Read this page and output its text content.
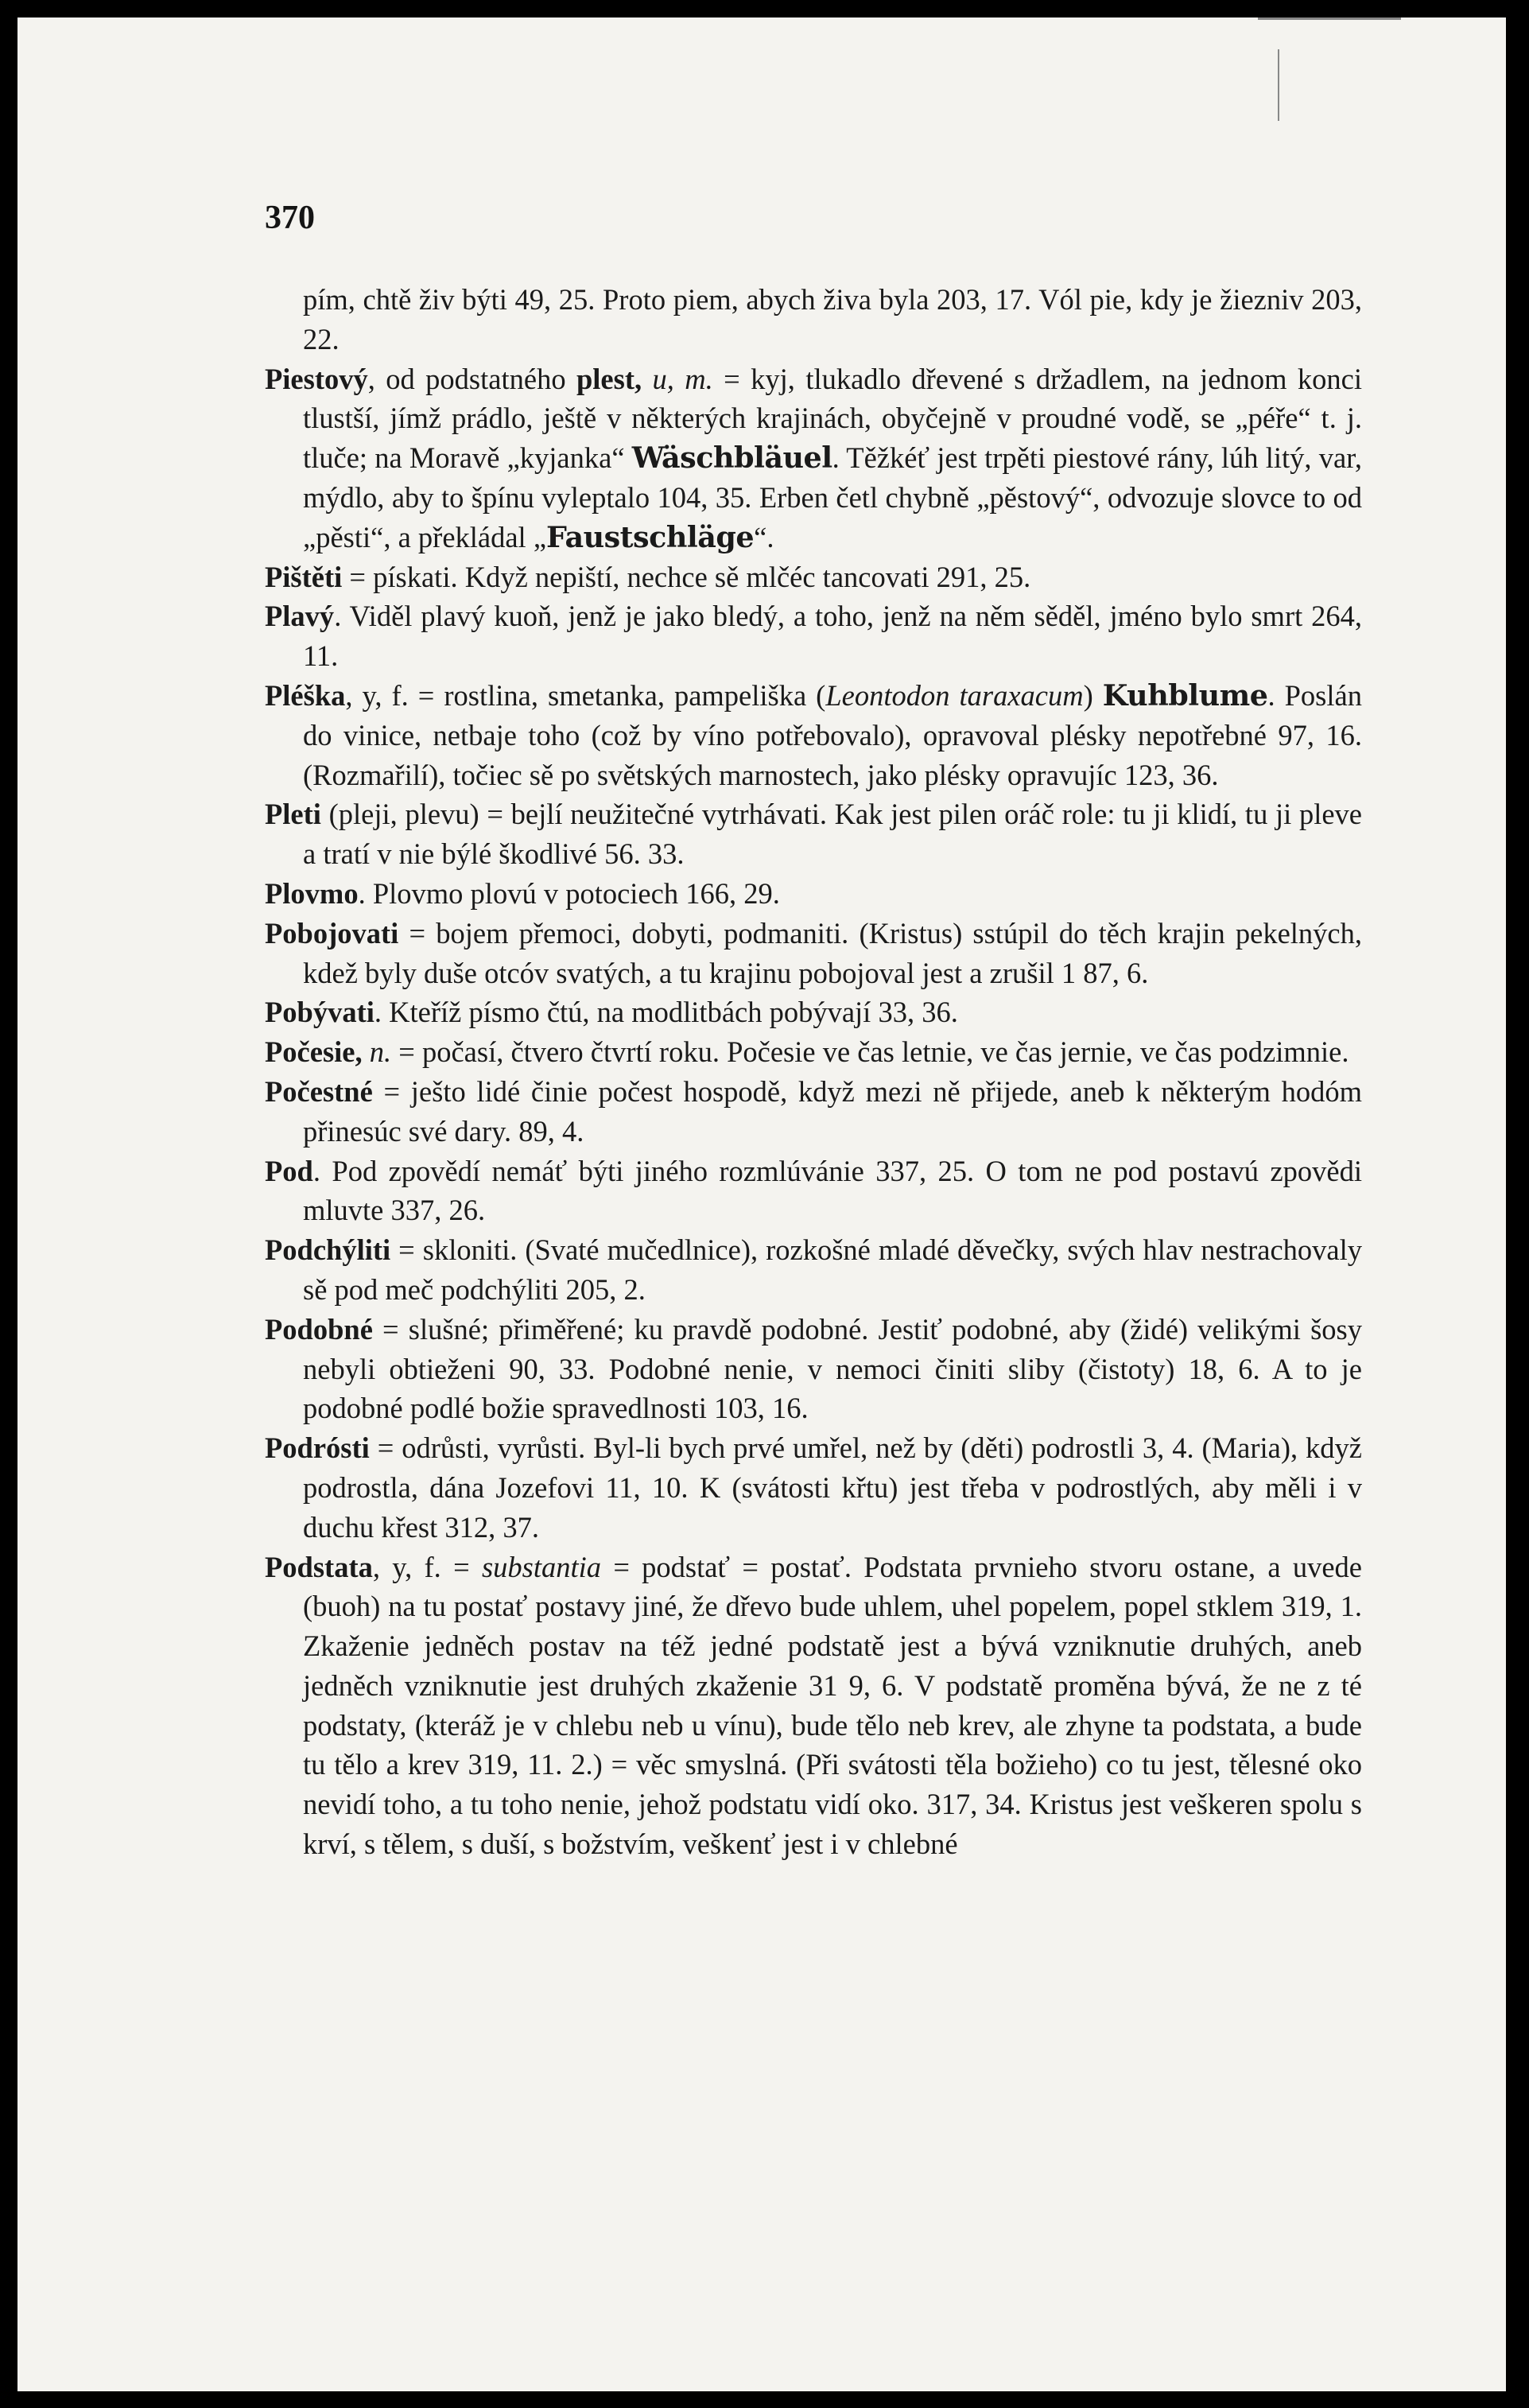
370

pím, chtě živ býti 49, 25. Proto piem, abych živa byla 203, 17. Vól pie, kdy je žiezniv 203, 22.

Piestový, od podstatného plest, u, m. = kyj, tlukadlo dřevené s držadlem, na jednom konci tlustší, jímž prádlo, ještě v některých krajinách, obyčejně v proudné vodě, se „péře“ t. j. tluče; na Moravě „kyjanka“ Wäschbläuel. Těžkéť jest trpěti piestové rány, lúh litý, var, mýdlo, aby to špínu vyleptalo 104, 35. Erben četl chybně „pěstový“, odvozuje slovce to od „pěsti“, a překládal „Faustschläge“.

Pištěti = pískati. Když nepiští, nechce sě mlčéc tancovati 291, 25.

Plavý. Viděl plavý kuoň, jenž je jako bledý, a toho, jenž na něm sěděl, jméno bylo smrt 264, 11.

Pléška, y, f. = rostlina, smetanka, pampeliška (Leontodon taraxacum) Kuhblume. Poslán do vinice, netbaje toho (což by víno potřebovalo), opravoval plésky nepotřebné 97, 16. (Rozmařilí), točiec sě po světských marnostech, jako plésky opravujíc 123, 36.

Pleti (pleji, plevu) = bejlí neužitečné vytrhávati. Kak jest pilen oráč role: tu ji klidí, tu ji pleve a tratí v nie býlé škodlivé 56. 33.

Plovmo. Plovmo plovú v potociech 166, 29.

Pobojovati = bojem přemoci, dobyti, podmaniti. (Kristus) sstúpil do těch krajin pekelných, kdež byly duše otcóv svatých, a tu krajinu pobojoval jest a zrušil 1 87, 6.

Pobývati. Kteříž písmo čtú, na modlitbách pobývají 33, 36.

Počesie, n. = počasí, čtvero čtvrtí roku. Počesie ve čas letnie, ve čas jernie, ve čas podzimnie.

Počestné = ješto lidé činie počest hospodě, když mezi ně přijede, aneb k některým hodóm přinesúc své dary. 89, 4.

Pod. Pod zpovědí nemáť býti jiného rozmlúvánie 337, 25. O tom ne pod postavú zpovědi mluvte 337, 26.

Podchýliti = skloniti. (Svaté mučedlnice), rozkošné mladé děvečky, svých hlav nestrachovaly sě pod meč podchýliti 205, 2.

Podobné = slušné; přiměřené; ku pravdě podobné. Jestiť podobné, aby (židé) velikými šosy nebyli obtieženi 90, 33. Podobné nenie, v nemoci činiti sliby (čistoty) 18, 6. A to je podobné podlé božie spravedlnosti 103, 16.

Podrósti = odrůsti, vyrůsti. Byl-li bych prvé umřel, než by (děti) podrostli 3, 4. (Maria), když podrostla, dána Jozefovi 11, 10. K (svátosti křtu) jest třeba v podrostlých, aby měli i v duchu křest 312, 37.

Podstata, y, f. = substantia = podstať = postať. Podstata prvnieho stvoru ostane, a uvede (buoh) na tu postať postavy jiné, že dřevo bude uhlem, uhel popelem, popel stklem 319, 1. Zkaženie jedněch postav na též jedné podstatě jest a bývá vzniknutie druhých, aneb jedněch vzniknutie jest druhých zkaženie 31 9, 6. V podstatě proměna bývá, že ne z té podstaty, (kteráž je v chlebu neb u vínu), bude tělo neb krev, ale zhyne ta podstata, a bude tu tělo a krev 319, 11. 2.) = věc smyslná. (Při svátosti těla božieho) co tu jest, tělesné oko nevidí toho, a tu toho nenie, jehož podstatu vidí oko. 317, 34. Kristus jest veškeren spolu s krví, s tělem, s duší, s božstvím, veškenť jest i v chlebné
